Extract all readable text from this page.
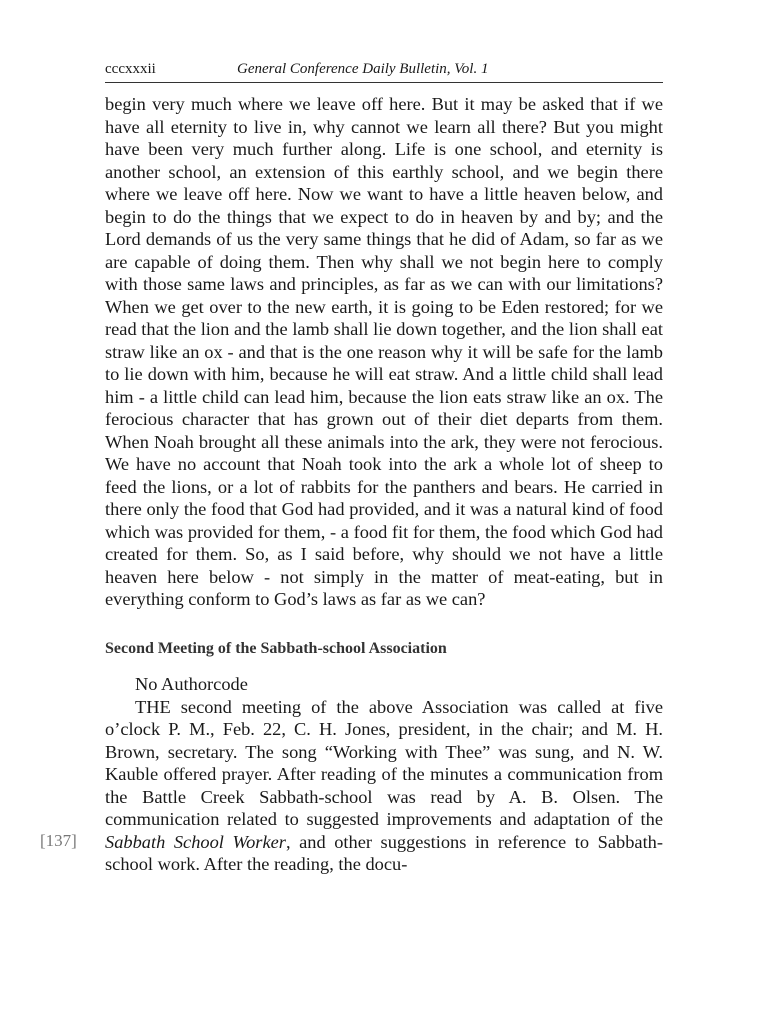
cccxxxii	General Conference Daily Bulletin, Vol. 1

begin very much where we leave off here. But it may be asked that if we have all eternity to live in, why cannot we learn all there? But you might have been very much further along. Life is one school, and eternity is another school, an extension of this earthly school, and we begin there where we leave off here. Now we want to have a little heaven below, and begin to do the things that we expect to do in heaven by and by; and the Lord demands of us the very same things that he did of Adam, so far as we are capable of doing them. Then why shall we not begin here to comply with those same laws and principles, as far as we can with our limitations? When we get over to the new earth, it is going to be Eden restored; for we read that the lion and the lamb shall lie down together, and the lion shall eat straw like an ox - and that is the one reason why it will be safe for the lamb to lie down with him, because he will eat straw. And a little child shall lead him - a little child can lead him, because the lion eats straw like an ox. The ferocious character that has grown out of their diet departs from them. When Noah brought all these animals into the ark, they were not ferocious. We have no account that Noah took into the ark a whole lot of sheep to feed the lions, or a lot of rabbits for the panthers and bears. He carried in there only the food that God had provided, and it was a natural kind of food which was provided for them, - a food fit for them, the food which God had created for them. So, as I said before, why should we not have a little heaven here below - not simply in the matter of meat-eating, but in everything conform to God’s laws as far as we can?

Second Meeting of the Sabbath-school Association

No Authorcode

THE second meeting of the above Association was called at five o’clock P. M., Feb. 22, C. H. Jones, president, in the chair; and M. H. Brown, secretary. The song “Working with Thee” was sung, and N. W. Kauble offered prayer. After reading of the minutes a communication from the Battle Creek Sabbath-school was read by A. B. Olsen. The communication related to suggested improvements and adaptation of the Sabbath School Worker, and other suggestions in reference to Sabbath-school work. After the reading, the docu-

[137]
